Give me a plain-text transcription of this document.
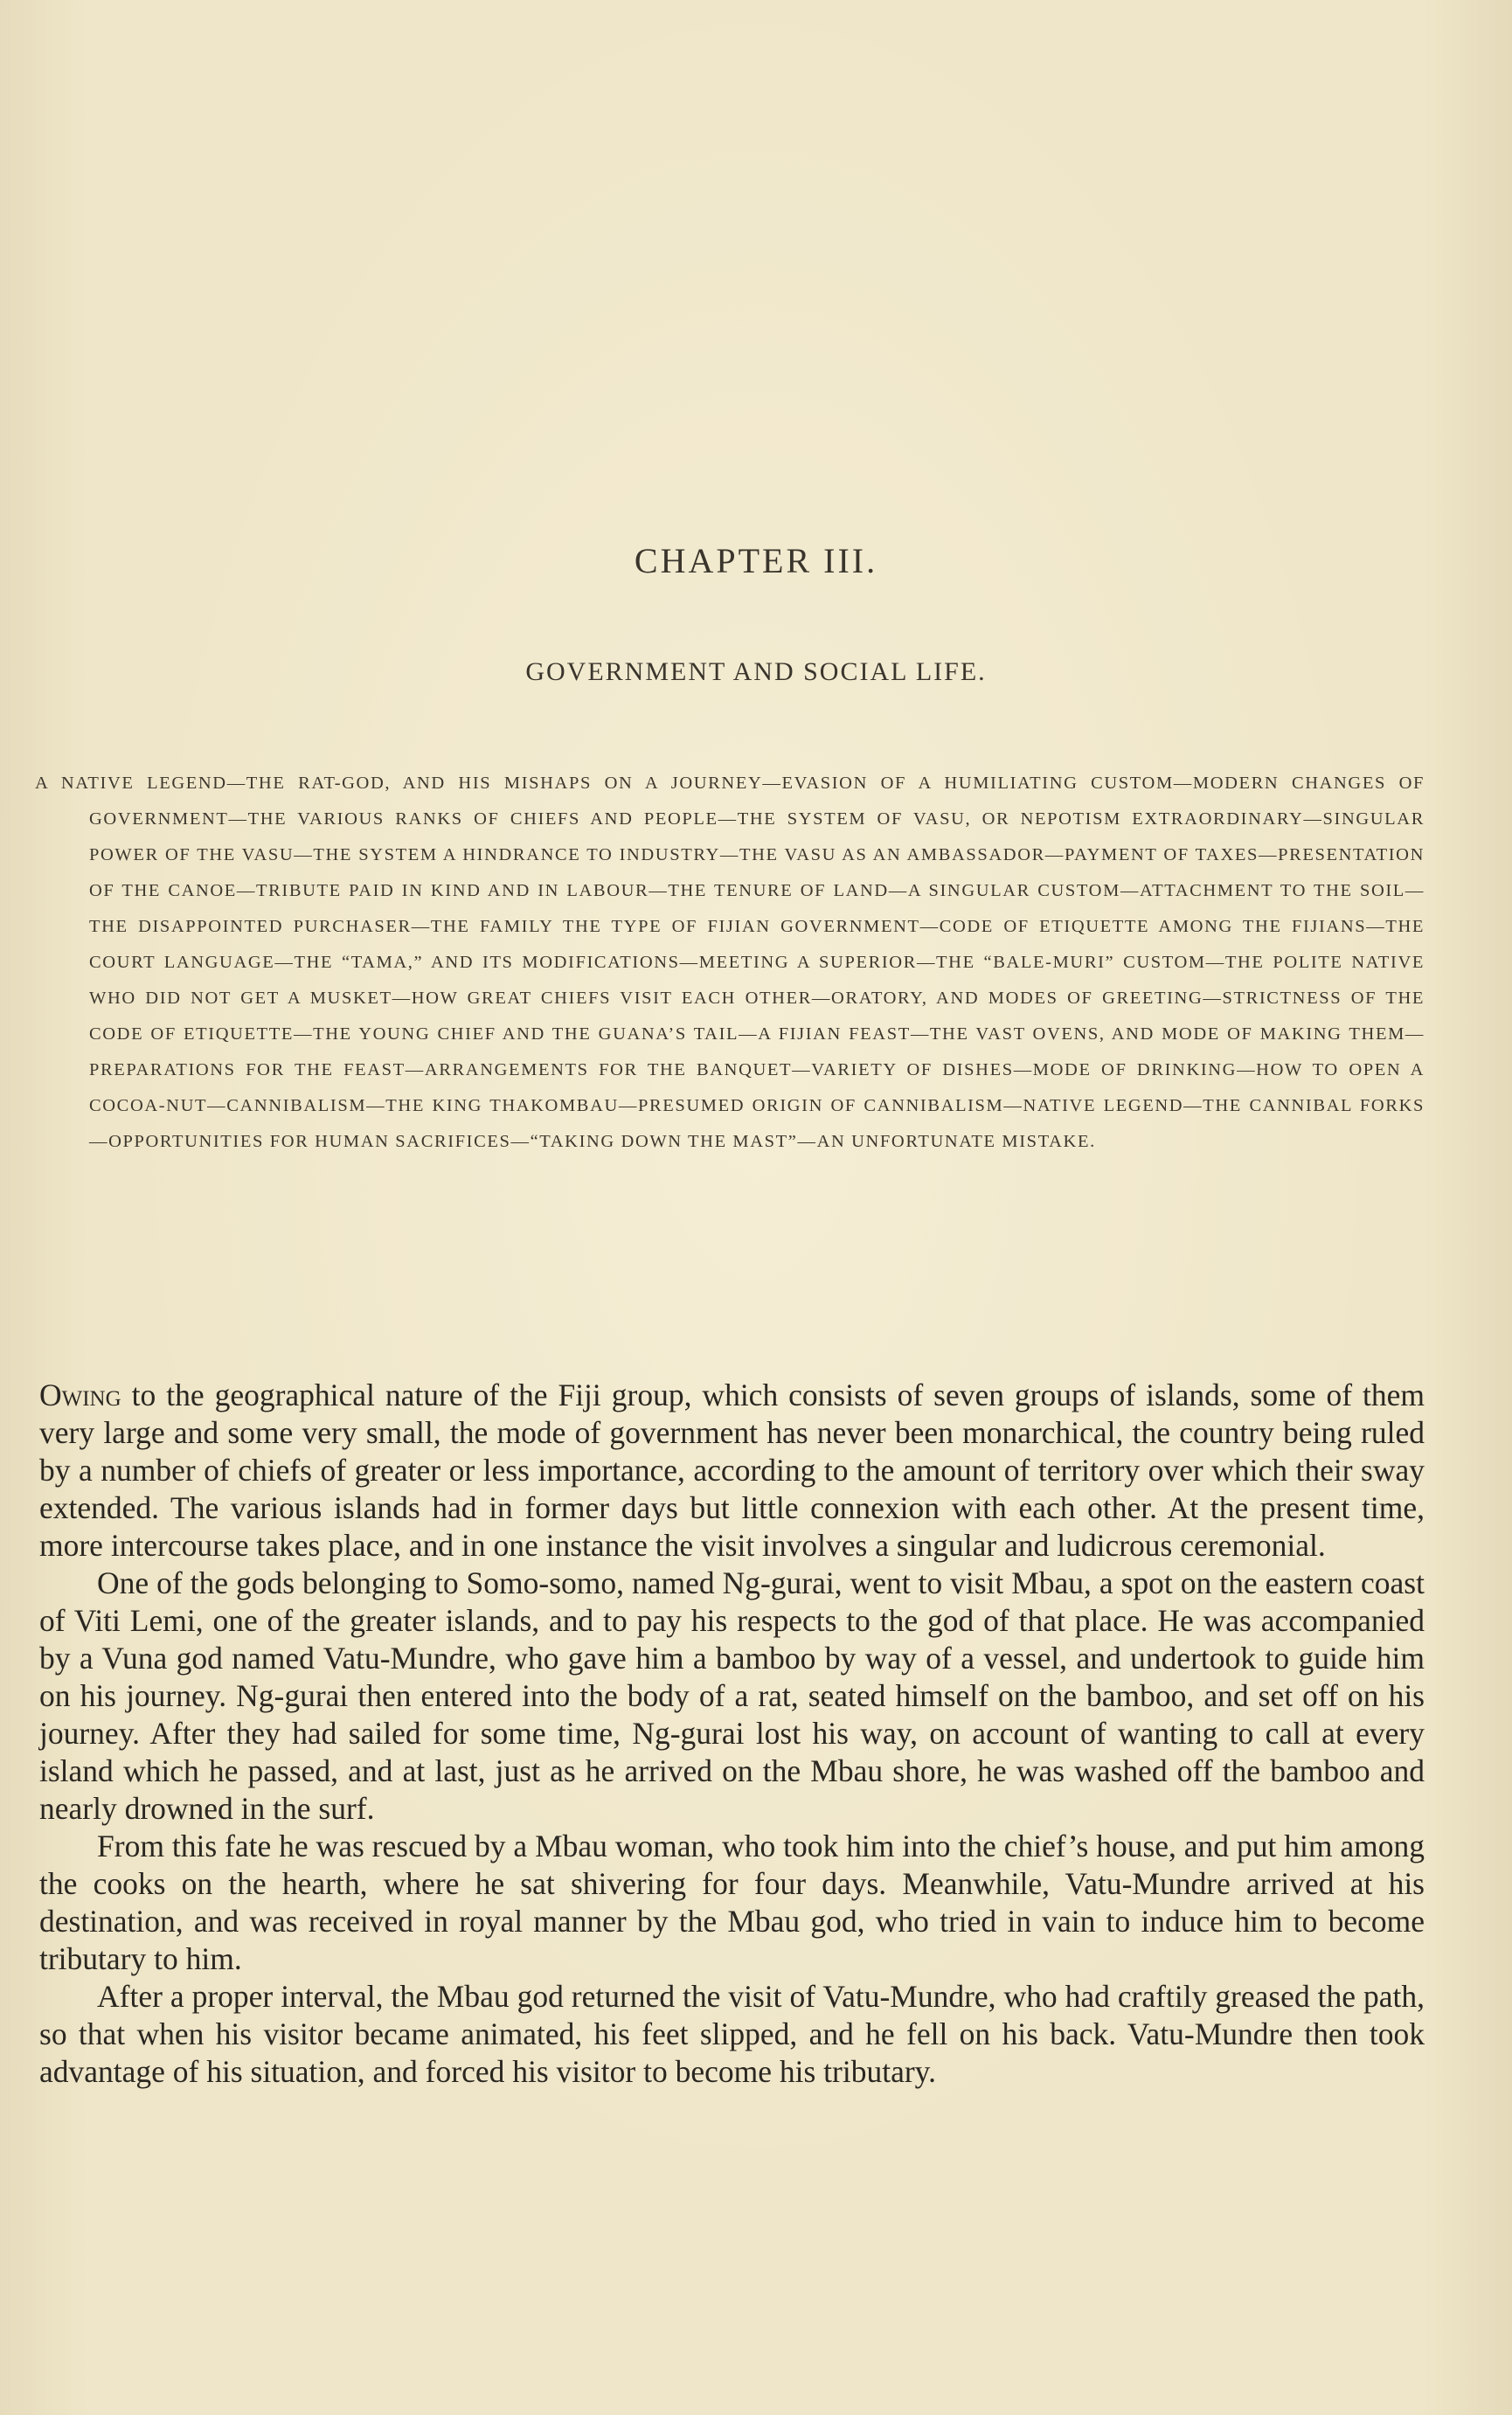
CHAPTER III.
GOVERNMENT AND SOCIAL LIFE.
A NATIVE LEGEND—THE RAT-GOD, AND HIS MISHAPS ON A JOURNEY—EVASION OF A HUMILIATING CUSTOM—MODERN CHANGES OF GOVERNMENT—THE VARIOUS RANKS OF CHIEFS AND PEOPLE—THE SYSTEM OF VASU, OR NEPOTISM EXTRAORDINARY—SINGULAR POWER OF THE VASU—THE SYSTEM A HINDRANCE TO INDUSTRY—THE VASU AS AN AMBASSADOR—PAYMENT OF TAXES—PRESENTATION OF THE CANOE—TRIBUTE PAID IN KIND AND IN LABOUR—THE TENURE OF LAND—A SINGULAR CUSTOM—ATTACHMENT TO THE SOIL—THE DISAPPOINTED PURCHASER—THE FAMILY THE TYPE OF FIJIAN GOVERNMENT—CODE OF ETIQUETTE AMONG THE FIJIANS—THE COURT LANGUAGE—THE “TAMA,” AND ITS MODIFICATIONS—MEETING A SUPERIOR—THE “BALE-MURI” CUSTOM—THE POLITE NATIVE WHO DID NOT GET A MUSKET—HOW GREAT CHIEFS VISIT EACH OTHER—ORATORY, AND MODES OF GREETING—STRICTNESS OF THE CODE OF ETIQUETTE—THE YOUNG CHIEF AND THE GUANA’S TAIL—A FIJIAN FEAST—THE VAST OVENS, AND MODE OF MAKING THEM—PREPARATIONS FOR THE FEAST—ARRANGEMENTS FOR THE BANQUET—VARIETY OF DISHES—MODE OF DRINKING—HOW TO OPEN A COCOA-NUT—CANNIBALISM—THE KING THAKOMBAU—PRESUMED ORIGIN OF CANNIBALISM—NATIVE LEGEND—THE CANNIBAL FORKS—OPPORTUNITIES FOR HUMAN SACRIFICES—“TAKING DOWN THE MAST”—AN UNFORTUNATE MISTAKE.

Owing to the geographical nature of the Fiji group, which consists of seven groups of islands, some of them very large and some very small, the mode of government has never been monarchical, the country being ruled by a number of chiefs of greater or less importance, according to the amount of territory over which their sway extended. The various islands had in former days but little connexion with each other. At the present time, more intercourse takes place, and in one instance the visit involves a singular and ludicrous ceremonial.

One of the gods belonging to Somo-somo, named Ng-gurai, went to visit Mbau, a spot on the eastern coast of Viti Lemi, one of the greater islands, and to pay his respects to the god of that place. He was accompanied by a Vuna god named Vatu-Mundre, who gave him a bamboo by way of a vessel, and undertook to guide him on his journey. Ng-gurai then entered into the body of a rat, seated himself on the bamboo, and set off on his journey. After they had sailed for some time, Ng-gurai lost his way, on account of wanting to call at every island which he passed, and at last, just as he arrived on the Mbau shore, he was washed off the bamboo and nearly drowned in the surf.

From this fate he was rescued by a Mbau woman, who took him into the chief’s house, and put him among the cooks on the hearth, where he sat shivering for four days. Meanwhile, Vatu-Mundre arrived at his destination, and was received in royal manner by the Mbau god, who tried in vain to induce him to become tributary to him.

After a proper interval, the Mbau god returned the visit of Vatu-Mundre, who had craftily greased the path, so that when his visitor became animated, his feet slipped, and he fell on his back. Vatu-Mundre then took advantage of his situation, and forced his visitor to become his tributary.
